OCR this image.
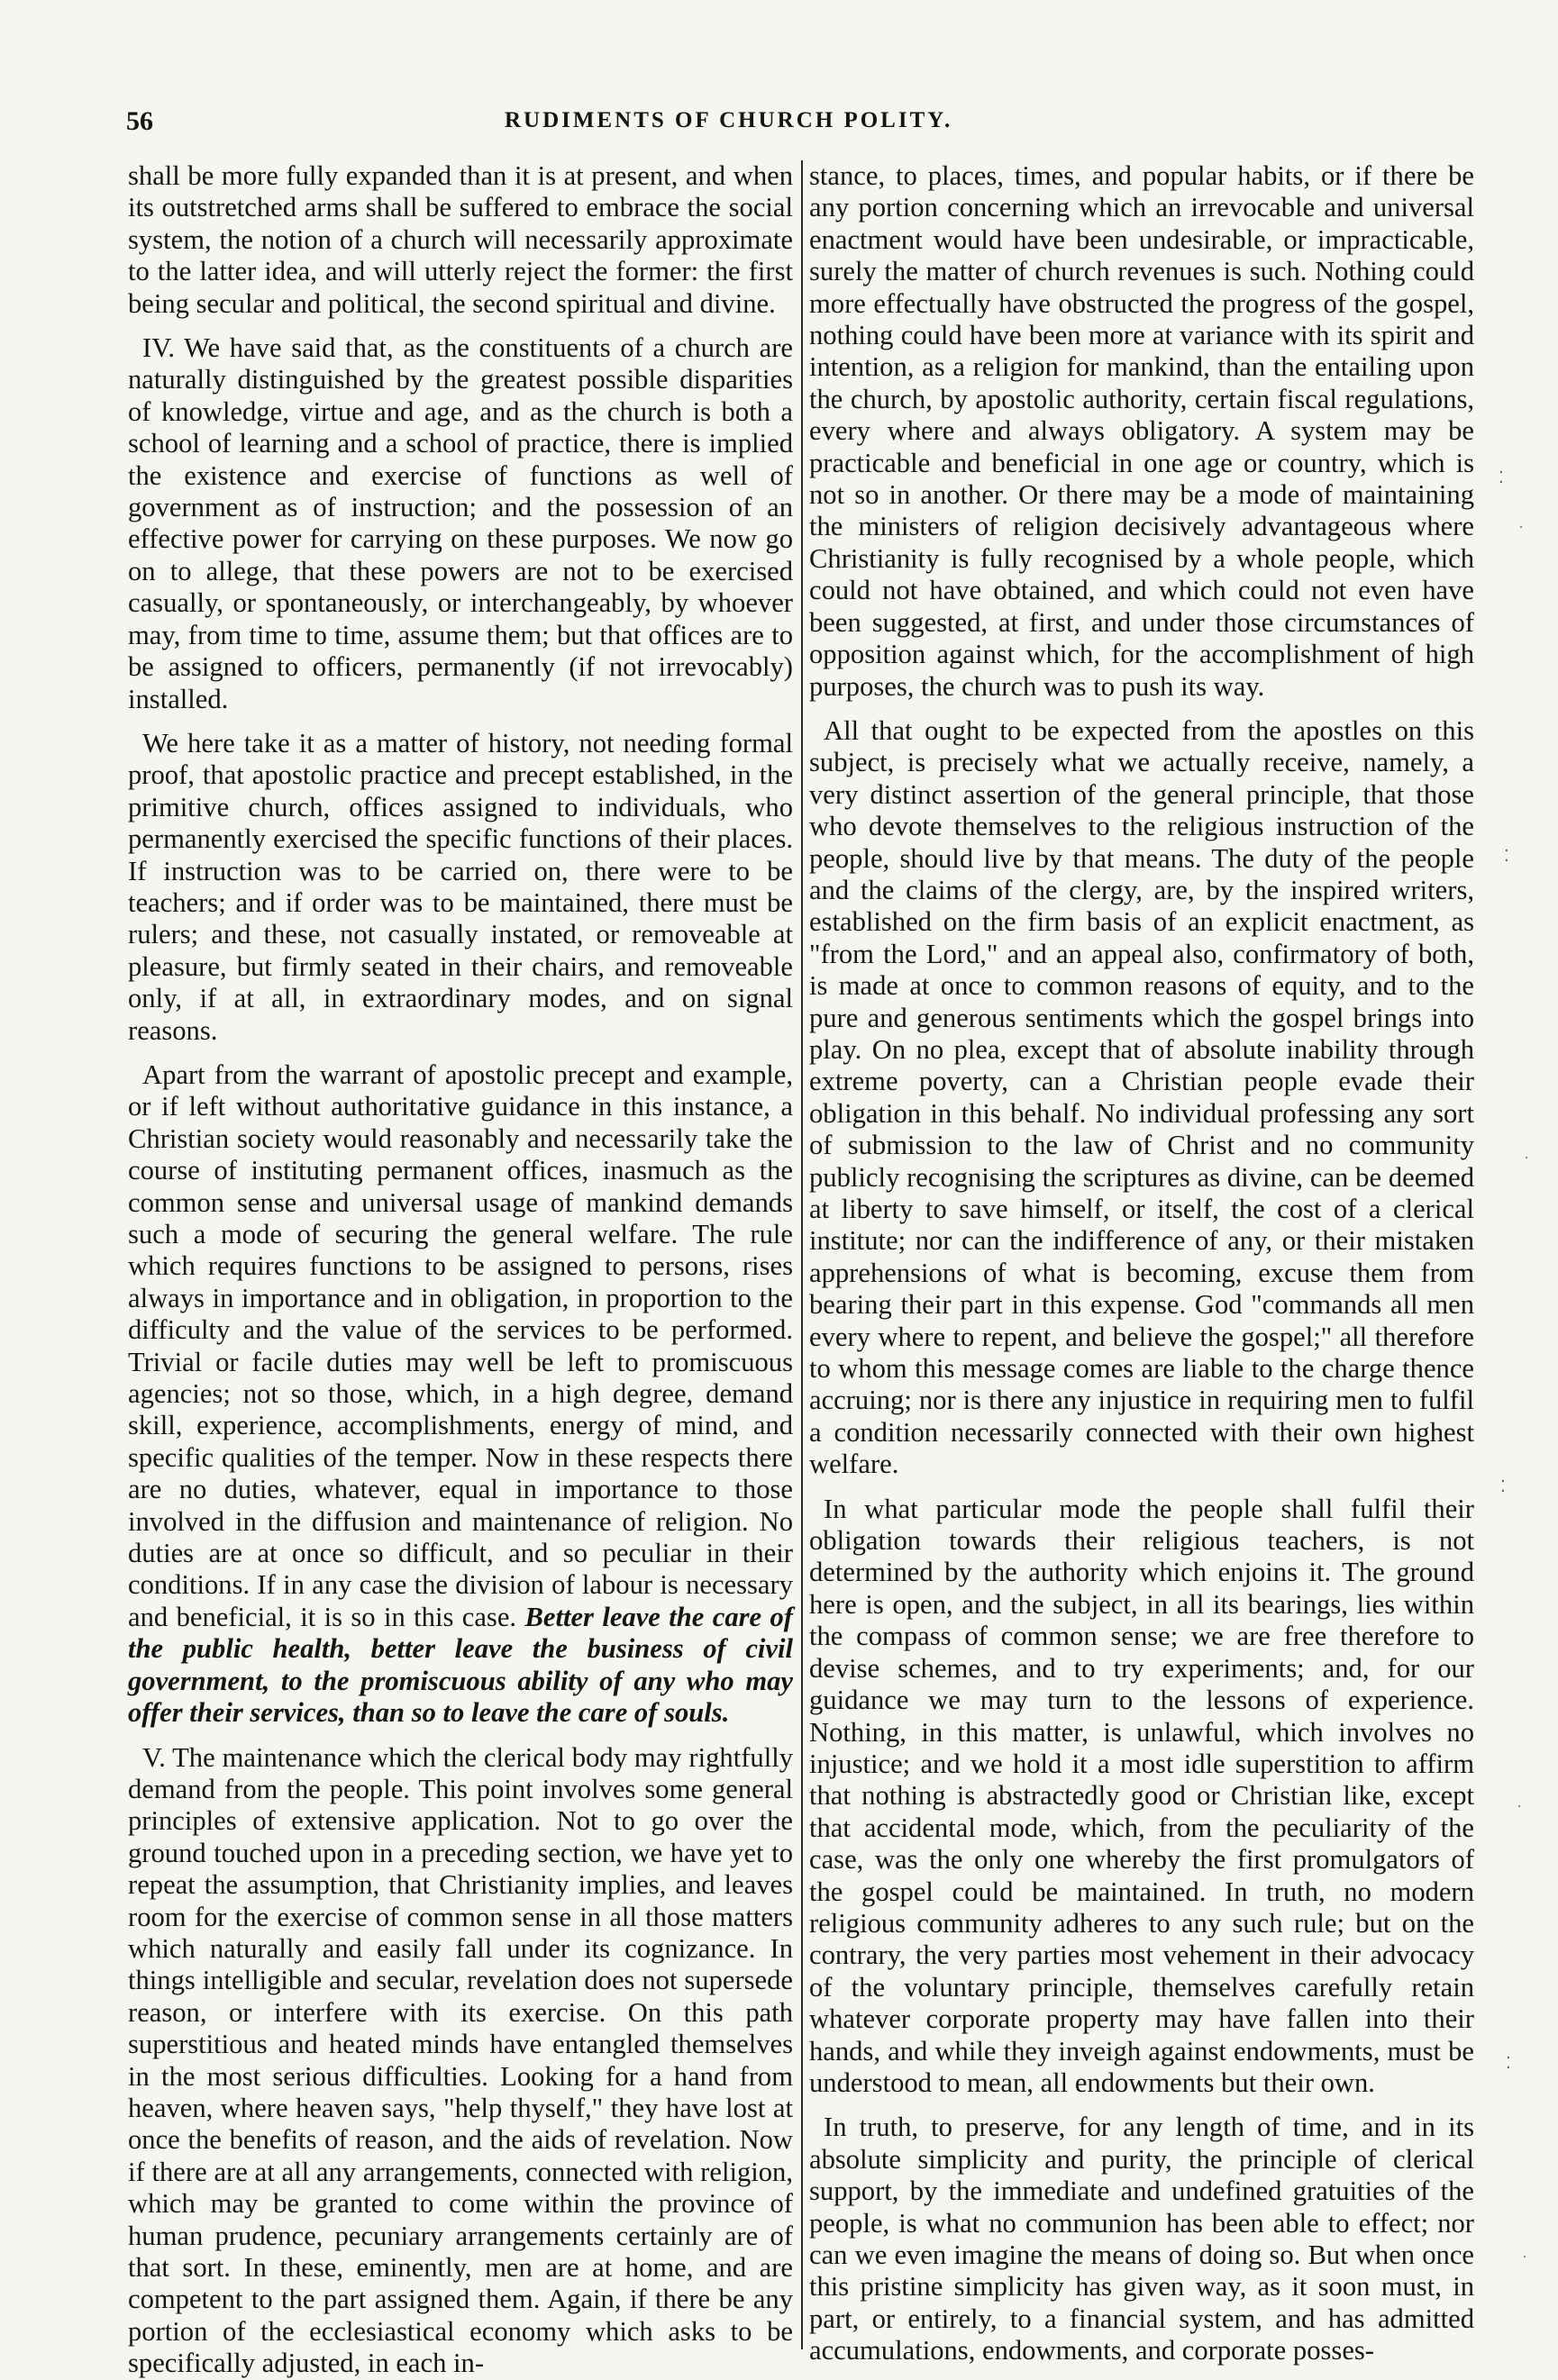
56	RUDIMENTS OF CHURCH POLITY.

shall be more fully expanded than it is at present, and when its outstretched arms shall be suffered to embrace the social system, the notion of a church will necessarily approximate to the latter idea, and will utterly reject the former: the first being secular and political, the second spiritual and divine.

IV. We have said that, as the constituents of a church are naturally distinguished by the greatest possible disparities of knowledge, virtue and age, and as the church is both a school of learning and a school of practice, there is implied the existence and exercise of functions as well of government as of instruction; and the possession of an effective power for carrying on these purposes. We now go on to allege, that these powers are not to be exercised casually, or spontaneously, or interchangeably, by whoever may, from time to time, assume them; but that offices are to be assigned to officers, permanently (if not irrevocably) installed.

We here take it as a matter of history, not needing formal proof, that apostolic practice and precept established, in the primitive church, offices assigned to individuals, who permanently exercised the specific functions of their places. If instruction was to be carried on, there were to be teachers; and if order was to be maintained, there must be rulers; and these, not casually instated, or removeable at pleasure, but firmly seated in their chairs, and removeable only, if at all, in extraordinary modes, and on signal reasons.

Apart from the warrant of apostolic precept and example, or if left without authoritative guidance in this instance, a Christian society would reasonably and necessarily take the course of instituting permanent offices, inasmuch as the common sense and universal usage of mankind demands such a mode of securing the general welfare. The rule which requires functions to be assigned to persons, rises always in importance and in obligation, in proportion to the difficulty and the value of the services to be performed. Trivial or facile duties may well be left to promiscuous agencies; not so those, which, in a high degree, demand skill, experience, accomplishments, energy of mind, and specific qualities of the temper. Now in these respects there are no duties, whatever, equal in importance to those involved in the diffusion and maintenance of religion. No duties are at once so difficult, and so peculiar in their conditions. If in any case the division of labour is necessary and beneficial, it is so in this case. Better leave the care of the public health, better leave the business of civil government, to the promiscuous ability of any who may offer their services, than so to leave the care of souls.

V. The maintenance which the clerical body may rightfully demand from the people. This point involves some general principles of extensive application. Not to go over the ground touched upon in a preceding section, we have yet to repeat the assumption, that Christianity implies, and leaves room for the exercise of common sense in all those matters which naturally and easily fall under its cognizance. In things intelligible and secular, revelation does not supersede reason, or interfere with its exercise. On this path superstitious and heated minds have entangled themselves in the most serious difficulties. Looking for a hand from heaven, where heaven says, "help thyself," they have lost at once the benefits of reason, and the aids of revelation. Now if there are at all any arrangements, connected with religion, which may be granted to come within the province of human prudence, pecuniary arrangements certainly are of that sort. In these, eminently, men are at home, and are competent to the part assigned them. Again, if there be any portion of the ecclesiastical economy which asks to be specifically adjusted, in each in-

stance, to places, times, and popular habits, or if there be any portion concerning which an irrevocable and universal enactment would have been undesirable, or impracticable, surely the matter of church revenues is such. Nothing could more effectually have obstructed the progress of the gospel, nothing could have been more at variance with its spirit and intention, as a religion for mankind, than the entailing upon the church, by apostolic authority, certain fiscal regulations, every where and always obligatory. A system may be practicable and beneficial in one age or country, which is not so in another. Or there may be a mode of maintaining the ministers of religion decisively advantageous where Christianity is fully recognised by a whole people, which could not have obtained, and which could not even have been suggested, at first, and under those circumstances of opposition against which, for the accomplishment of high purposes, the church was to push its way.

All that ought to be expected from the apostles on this subject, is precisely what we actually receive, namely, a very distinct assertion of the general principle, that those who devote themselves to the religious instruction of the people, should live by that means. The duty of the people and the claims of the clergy, are, by the inspired writers, established on the firm basis of an explicit enactment, as "from the Lord," and an appeal also, confirmatory of both, is made at once to common reasons of equity, and to the pure and generous sentiments which the gospel brings into play. On no plea, except that of absolute inability through extreme poverty, can a Christian people evade their obligation in this behalf. No individual professing any sort of submission to the law of Christ and no community publicly recognising the scriptures as divine, can be deemed at liberty to save himself, or itself, the cost of a clerical institute; nor can the indifference of any, or their mistaken apprehensions of what is becoming, excuse them from bearing their part in this expense. God "commands all men every where to repent, and believe the gospel;" all therefore to whom this message comes are liable to the charge thence accruing; nor is there any injustice in requiring men to fulfil a condition necessarily connected with their own highest welfare.

In what particular mode the people shall fulfil their obligation towards their religious teachers, is not determined by the authority which enjoins it. The ground here is open, and the subject, in all its bearings, lies within the compass of common sense; we are free therefore to devise schemes, and to try experiments; and, for our guidance we may turn to the lessons of experience. Nothing, in this matter, is unlawful, which involves no injustice; and we hold it a most idle superstition to affirm that nothing is abstractedly good or Christian like, except that accidental mode, which, from the peculiarity of the case, was the only one whereby the first promulgators of the gospel could be maintained. In truth, no modern religious community adheres to any such rule; but on the contrary, the very parties most vehement in their advocacy of the voluntary principle, themselves carefully retain whatever corporate property may have fallen into their hands, and while they inveigh against endowments, must be understood to mean, all endowments but their own.

In truth, to preserve, for any length of time, and in its absolute simplicity and purity, the principle of clerical support, by the immediate and undefined gratuities of the people, is what no communion has been able to effect; nor can we even imagine the means of doing so. But when once this pristine simplicity has given way, as it soon must, in part, or entirely, to a financial system, and has admitted accumulations, endowments, and corporate posses-

⁚
˙
⁚
˙
⁚
˙
⁚
˙
